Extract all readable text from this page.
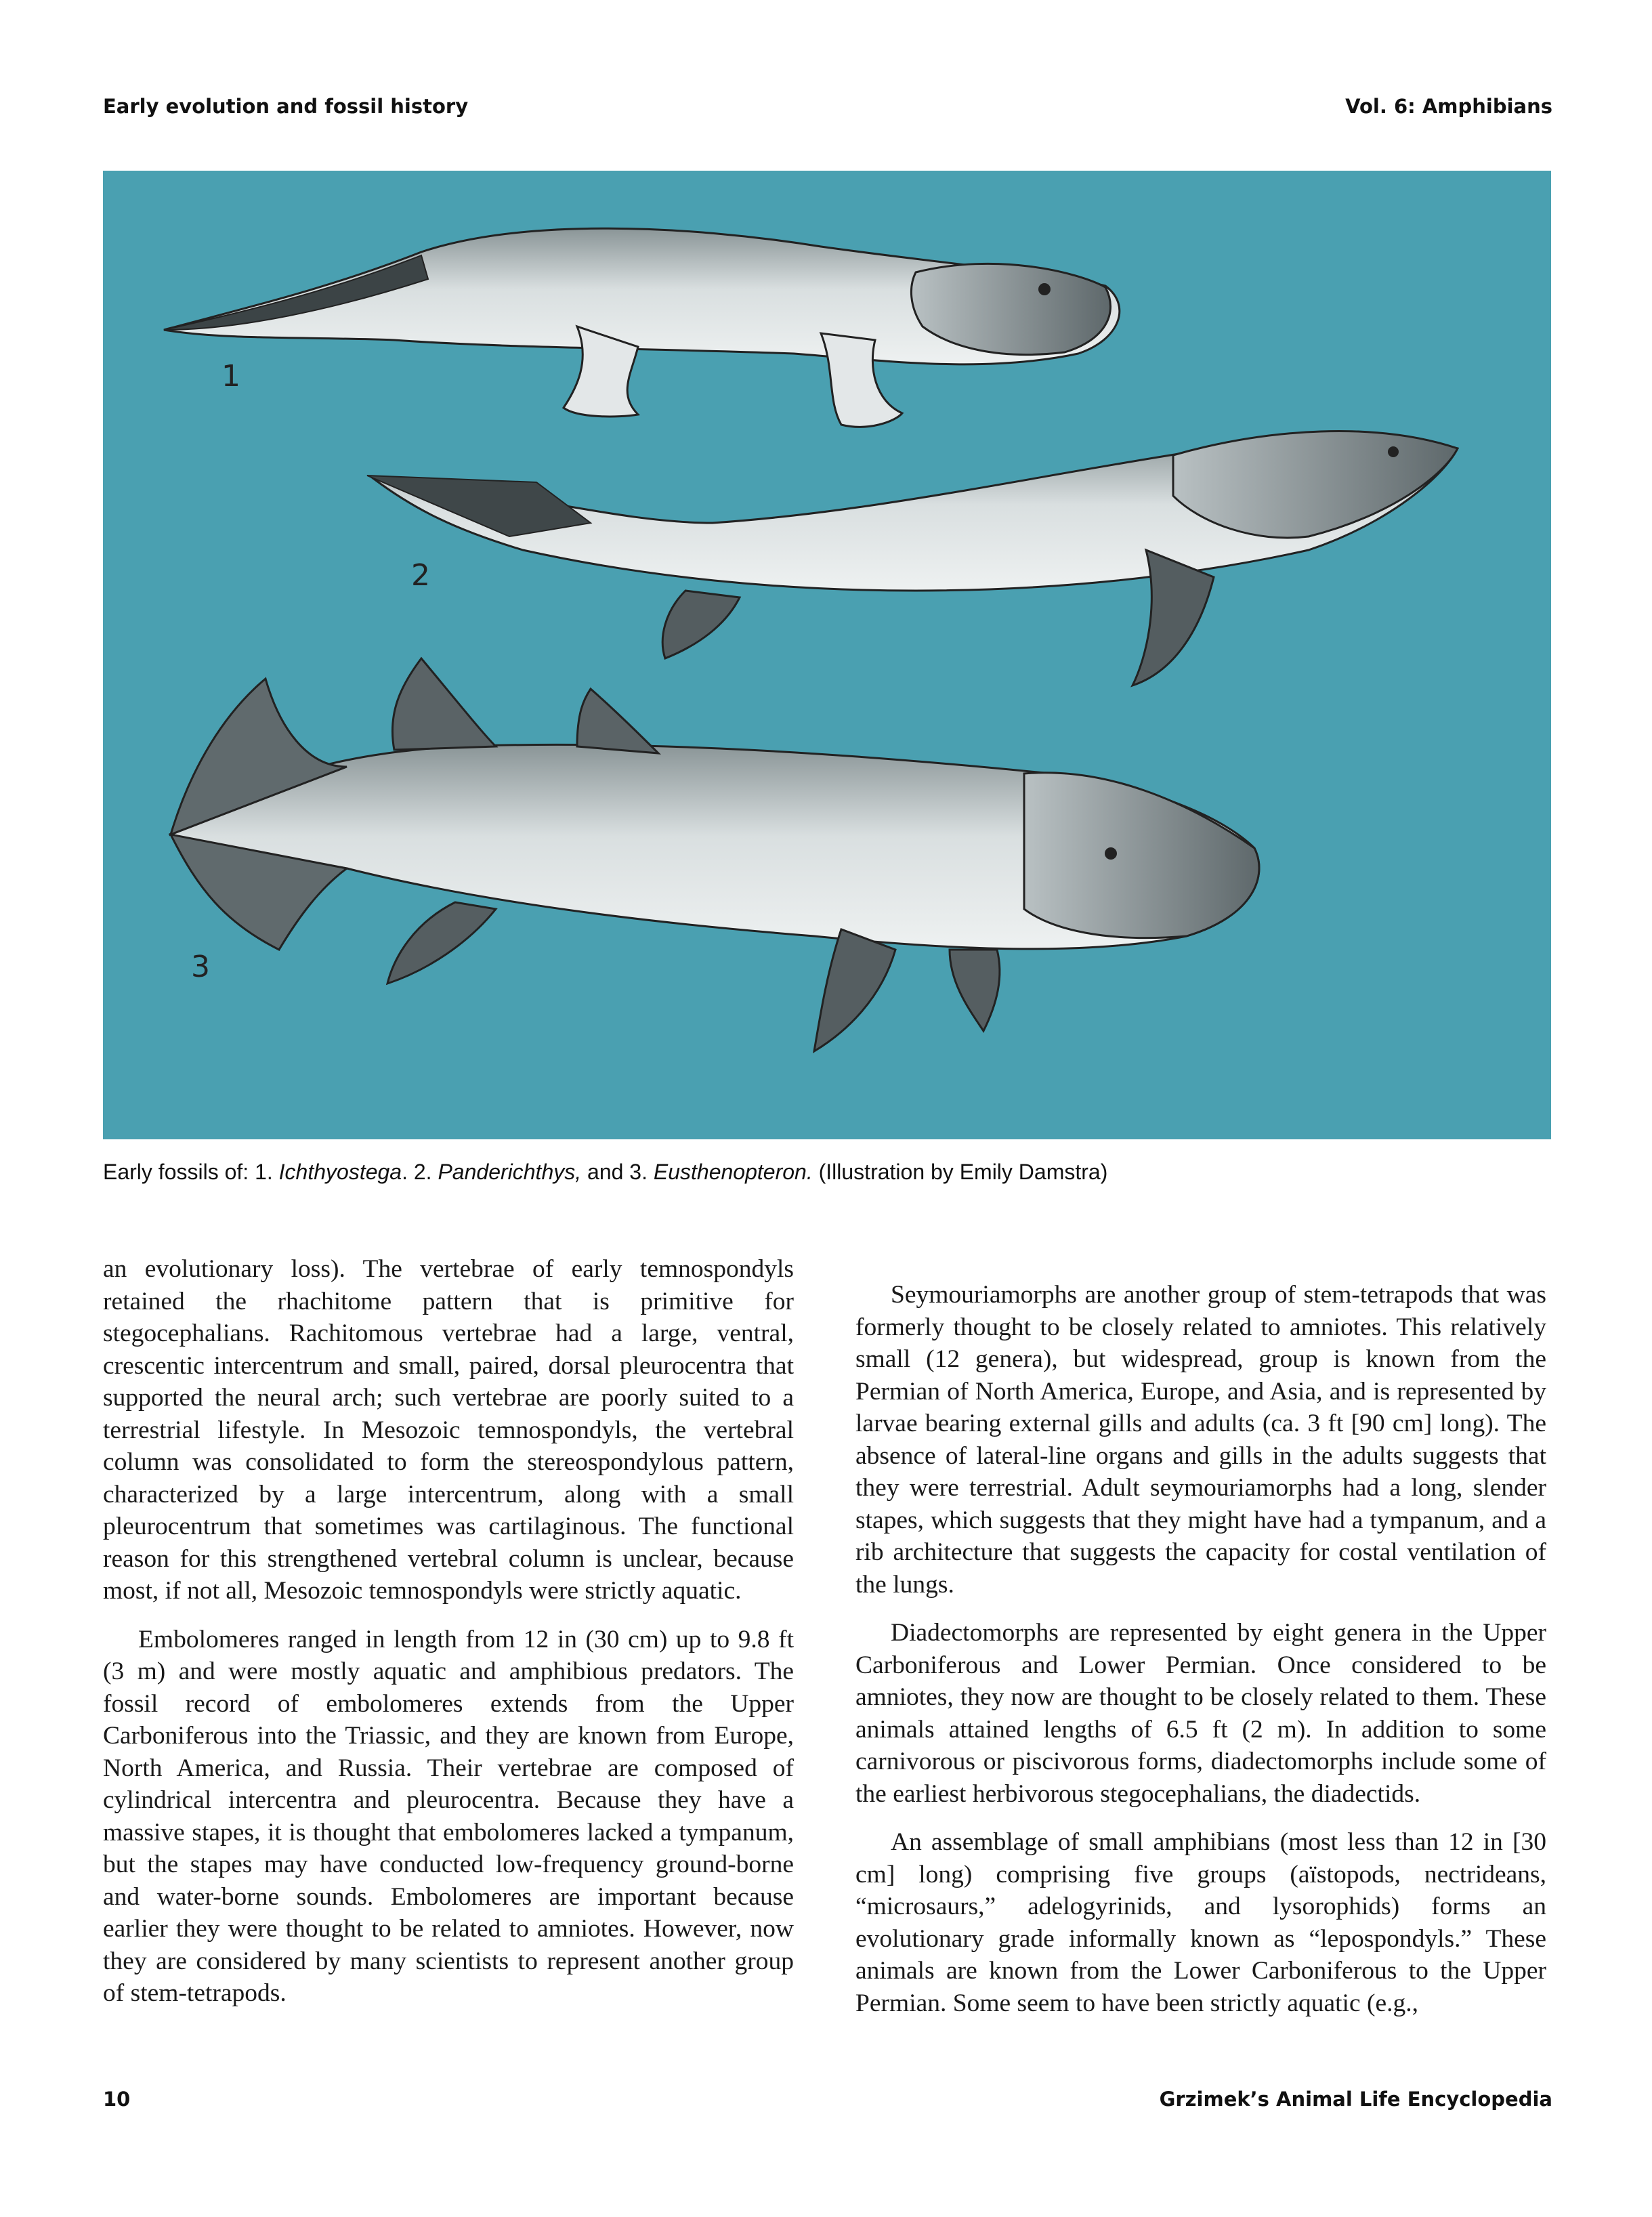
Early evolution and fossil history	Vol. 6: Amphibians
1
2
3
Early fossils of: 1. Ichthyostega. 2. Panderichthys, and 3. Eusthenopteron. (Illustration by Emily Damstra)

an evolutionary loss). The vertebrae of early temnospondyls retained the rhachitome pattern that is primitive for stegocephalians. Rachitomous vertebrae had a large, ventral, crescentic intercentrum and small, paired, dorsal pleurocentra that supported the neural arch; such vertebrae are poorly suited to a terrestrial lifestyle. In Mesozoic temnospondyls, the vertebral column was consolidated to form the stereospondylous pattern, characterized by a large intercentrum, along with a small pleurocentrum that sometimes was cartilaginous. The functional reason for this strengthened vertebral column is unclear, because most, if not all, Mesozoic temnospondyls were strictly aquatic.

Embolomeres ranged in length from 12 in (30 cm) up to 9.8 ft (3 m) and were mostly aquatic and amphibious predators. The fossil record of embolomeres extends from the Upper Carboniferous into the Triassic, and they are known from Europe, North America, and Russia. Their vertebrae are composed of cylindrical intercentra and pleurocentra. Because they have a massive stapes, it is thought that embolomeres lacked a tympanum, but the stapes may have conducted low-frequency ground-borne and water-borne sounds. Embolomeres are important because earlier they were thought to be related to amniotes. However, now they are considered by many scientists to represent another group of stem-tetrapods.

Seymouriamorphs are another group of stem-tetrapods that was formerly thought to be closely related to amniotes. This relatively small (12 genera), but widespread, group is known from the Permian of North America, Europe, and Asia, and is represented by larvae bearing external gills and adults (ca. 3 ft [90 cm] long). The absence of lateral-line organs and gills in the adults suggests that they were terrestrial. Adult seymouriamorphs had a long, slender stapes, which suggests that they might have had a tympanum, and a rib architecture that suggests the capacity for costal ventilation of the lungs.

Diadectomorphs are represented by eight genera in the Upper Carboniferous and Lower Permian. Once considered to be amniotes, they now are thought to be closely related to them. These animals attained lengths of 6.5 ft (2 m). In addition to some carnivorous or piscivorous forms, diadectomorphs include some of the earliest herbivorous stegocephalians, the diadectids.

An assemblage of small amphibians (most less than 12 in [30 cm] long) comprising five groups (aïstopods, nectrideans, “microsaurs,” adelogyrinids, and lysorophids) forms an evolutionary grade informally known as “lepospondyls.” These animals are known from the Lower Carboniferous to the Upper Permian. Some seem to have been strictly aquatic (e.g.,

10	Grzimek’s Animal Life Encyclopedia
